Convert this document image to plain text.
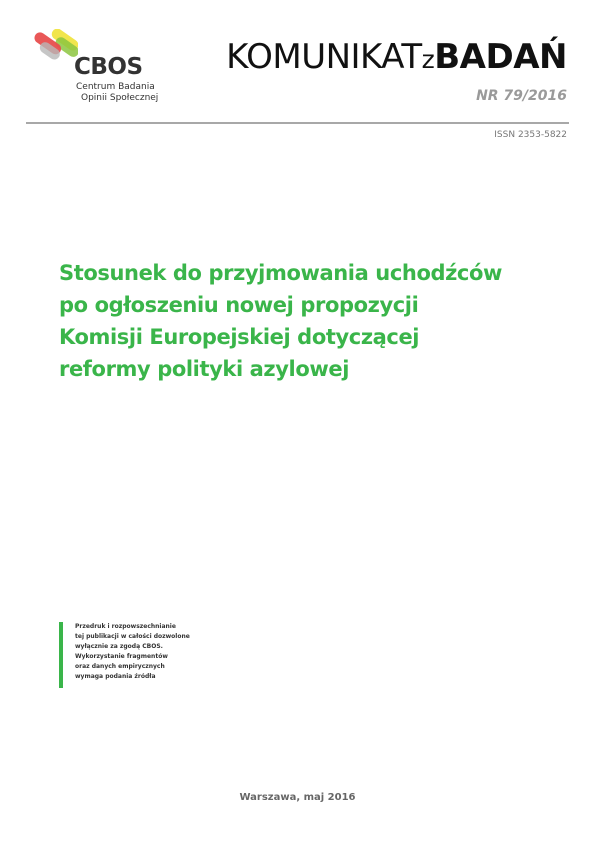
CBOS
Centrum Badania
Opinii Społecznej
KOMUNIKATzBADAŃ
NR 79/2016
ISSN 2353-5822
Stosunek do przyjmowania uchodźców
po ogłoszeniu nowej propozycji
Komisji Europejskiej dotyczącej
reformy polityki azylowej
Przedruk i rozpowszechnianie
tej publikacji w całości dozwolone
wyłącznie za zgodą CBOS.
Wykorzystanie fragmentów
oraz danych empirycznych
wymaga podania źródła
Warszawa, maj 2016
